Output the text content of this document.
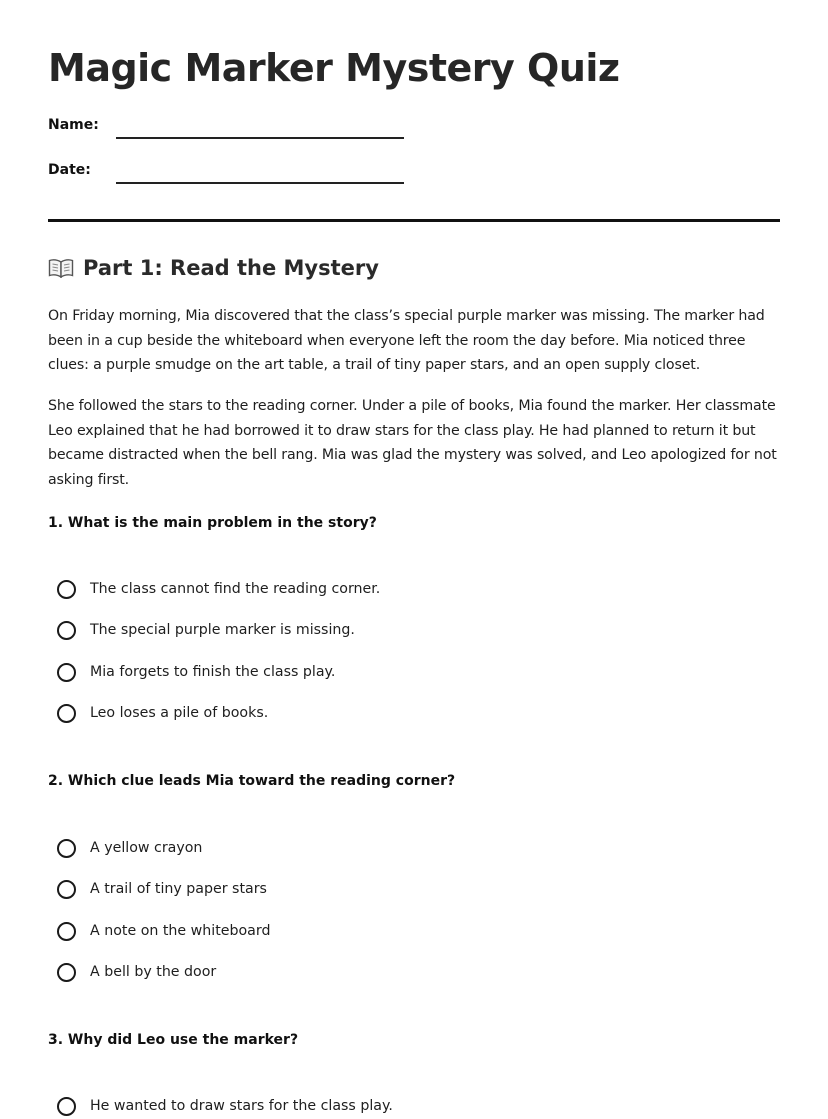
Magic Marker Mystery Quiz
Name:
Date:
Part 1: Read the Mystery

On Friday morning, Mia discovered that the class’s special purple marker was missing. The marker had been in a cup beside the whiteboard when everyone left the room the day before. Mia noticed three clues: a purple smudge on the art table, a trail of tiny paper stars, and an open supply closet.

She followed the stars to the reading corner. Under a pile of books, Mia found the marker. Her classmate Leo explained that he had borrowed it to draw stars for the class play. He had planned to return it but became distracted when the bell rang. Mia was glad the mystery was solved, and Leo apologized for not asking first.

1. What is the main problem in the story?

The class cannot find the reading corner.
The special purple marker is missing.
Mia forgets to finish the class play.
Leo loses a pile of books.

2. Which clue leads Mia toward the reading corner?

A yellow crayon
A trail of tiny paper stars
A note on the whiteboard
A bell by the door

3. Why did Leo use the marker?

He wanted to draw stars for the class play.
